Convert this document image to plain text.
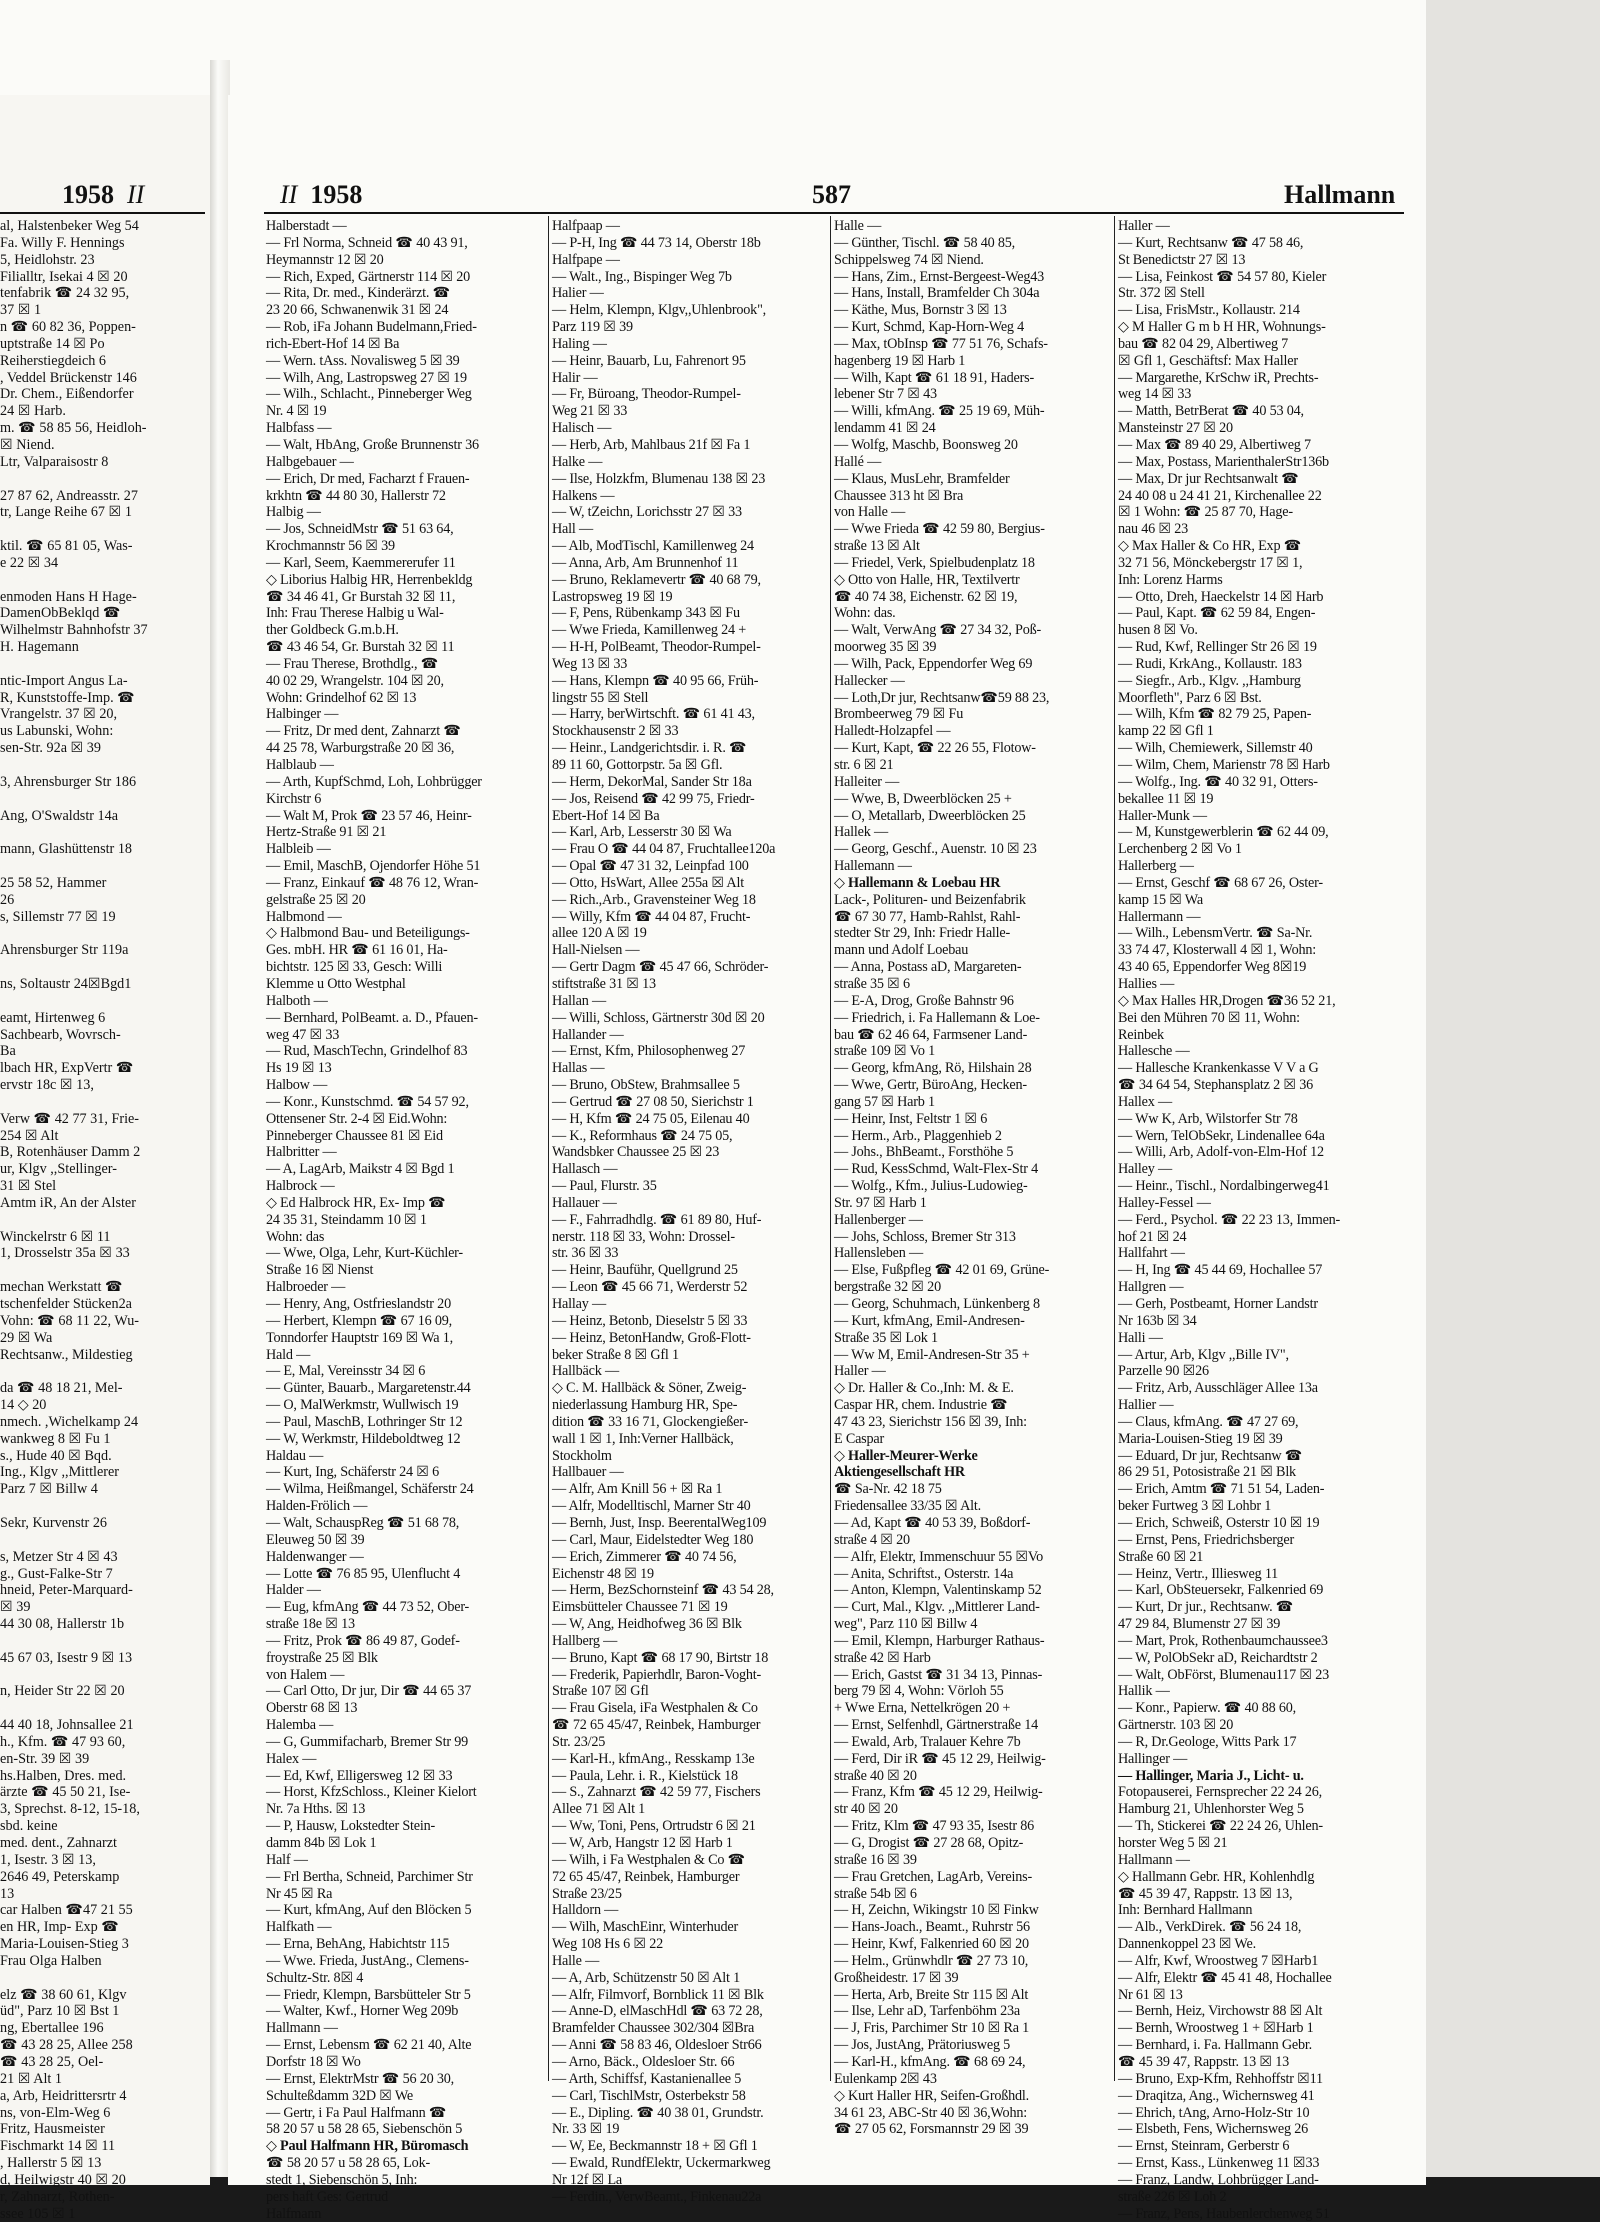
1958 II
al, Halstenbeker Weg 54
Fa. Willy F. Hennings
5, Heidlohstr. 23
Filialltr, Isekai 4 ☒ 20
tenfabrik ☎ 24 32 95,
37 ☒ 1
n ☎ 60 82 36, Poppen-
uptstraße 14 ☒ Po
Reiherstiegdeich 6
, Veddel Brückenstr 146
Dr. Chem., Eißendorfer
24 ☒ Harb.
m. ☎ 58 85 56, Heidloh-
☒ Niend.
Ltr, Valparaisostr 8

27 87 62, Andreasstr. 27
tr, Lange Reihe 67 ☒ 1

ktil. ☎ 65 81 05, Was-
e 22 ☒ 34

enmoden Hans H Hage-
DamenObBeklqd ☎
Wilhelmstr Bahnhofstr 37
H. Hagemann

ntic-Import Angus La-
R, Kunststoffe-Imp. ☎
Vrangelstr. 37 ☒ 20,
us Labunski, Wohn:
sen-Str. 92a ☒ 39

3, Ahrensburger Str 186

Ang, O'Swaldstr 14a

mann, Glashüttenstr 18

25 58 52, Hammer
26
s, Sillemstr 77 ☒ 19

Ahrensburger Str 119a

ns, Soltaustr 24☒Bgd1

eamt, Hirtenweg 6
Sachbearb, Wovrsch-
Ba
lbach HR, ExpVertr ☎
ervstr 18c ☒ 13,

Verw ☎ 42 77 31, Frie-
254 ☒ Alt
B, Rotenhäuser Damm 2
ur, Klgv ,,Stellinger-
31 ☒ Stel
Amtm iR, An der Alster

Winckelrstr 6 ☒ 11
1, Drosselstr 35a ☒ 33

mechan Werkstatt ☎
tschenfelder Stücken2a
Vohn: ☎ 68 11 22, Wu-
29 ☒ Wa
Rechtsanw., Mildestieg

da ☎ 48 18 21, Mel-
14 ◇ 20
nmech. ,Wichelkamp 24
wankweg 8 ☒ Fu 1
s., Hude 40 ☒ Bqd.
Ing., Klgv ,,Mittlerer
Parz 7 ☒ Billw 4

Sekr, Kurvenstr 26

s, Metzer Str 4 ☒ 43
g., Gust-Falke-Str 7
hneid, Peter-Marquard-
☒ 39
44 30 08, Hallerstr 1b

45 67 03, Isestr 9 ☒ 13

n, Heider Str 22 ☒ 20

44 40 18, Johnsallee 21
h., Kfm. ☎ 47 93 60,
en-Str. 39 ☒ 39
hs.Halben, Dres. med.
ärzte ☎ 45 50 21, Ise-
3, Sprechst. 8-12, 15-18,
sbd. keine
med. dent., Zahnarzt
1, Isestr. 3 ☒ 13,
2646 49, Peterskamp
13
car Halben ☎47 21 55
en HR, Imp- Exp ☎
Maria-Louisen-Stieg 3
Frau Olga Halben

elz ☎ 38 60 61, Klgv
üd", Parz 10 ☒ Bst 1
ng, Ebertallee 196
☎ 43 28 25, Allee 258
☎ 43 28 25, Oel-
21 ☒ Alt 1
a, Arb, Heidrittersrtr 4
ns, von-Elm-Weg 6
Fritz, Hausmeister
Fischmarkt 14 ☒ 11
, Hallerstr 5 ☒ 13
d, Heilwigstr 40 ☒ 20
r, Zahnarzt, Rothen-
ssee 105 ☒ 1
II 1958	587	Hallmann
Halberstadt —
— Frl Norma, Schneid ☎ 40 43 91,
Heymannstr 12 ☒ 20
— Rich, Exped, Gärtnerstr 114 ☒ 20
— Rita, Dr. med., Kinderärzt. ☎
23 20 66, Schwanenwik 31 ☒ 24
— Rob, iFa Johann Budelmann,Fried-
rich-Ebert-Hof 14 ☒ Ba
— Wern. tAss. Novalisweg 5 ☒ 39
— Wilh, Ang, Lastropsweg 27 ☒ 19
— Wilh., Schlacht., Pinneberger Weg
Nr. 4 ☒ 19
Halbfass —
— Walt, HbAng, Große Brunnenstr 36
Halbgebauer —
— Erich, Dr med, Facharzt f Frauen-
krkhtn ☎ 44 80 30, Hallerstr 72
Halbig —
— Jos, SchneidMstr ☎ 51 63 64,
Krochmannstr 56 ☒ 39
— Karl, Seem, Kaemmererufer 11
◇ Liborius Halbig HR, Herrenbekldg
☎ 34 46 41, Gr Burstah 32 ☒ 11,
Inh: Frau Therese Halbig u Wal-
ther Goldbeck G.m.b.H.
☎ 43 46 54, Gr. Burstah 32 ☒ 11
— Frau Therese, Brothdlg., ☎
40 02 29, Wrangelstr. 104 ☒ 20,
Wohn: Grindelhof 62 ☒ 13
Halbinger —
— Fritz, Dr med dent, Zahnarzt ☎
44 25 78, Warburgstraße 20 ☒ 36,
Halblaub —
— Arth, KupfSchmd, Loh, Lohbrügger
Kirchstr 6
— Walt M, Prok ☎ 23 57 46, Heinr-
Hertz-Straße 91 ☒ 21
Halbleib —
— Emil, MaschB, Ojendorfer Höhe 51
— Franz, Einkauf ☎ 48 76 12, Wran-
gelstraße 25 ☒ 20
Halbmond —
◇ Halbmond Bau- und Beteiligungs-
Ges. mbH. HR ☎ 61 16 01, Ha-
bichtstr. 125 ☒ 33, Gesch: Willi
Klemme u Otto Westphal
Halboth —
— Bernhard, PolBeamt. a. D., Pfauen-
weg 47 ☒ 33
— Rud, MaschTechn, Grindelhof 83
Hs 19 ☒ 13
Halbow —
— Konr., Kunstschmd. ☎ 54 57 92,
Ottensener Str. 2-4 ☒ Eid.Wohn:
Pinneberger Chaussee 81 ☒ Eid
Halbritter —
— A, LagArb, Maikstr 4 ☒ Bgd 1
Halbrock —
◇ Ed Halbrock HR, Ex- Imp ☎
24 35 31, Steindamm 10 ☒ 1
Wohn: das
— Wwe, Olga, Lehr, Kurt-Küchler-
Straße 16 ☒ Nienst
Halbroeder —
— Henry, Ang, Ostfrieslandstr 20
— Herbert, Klempn ☎ 67 16 09,
Tonndorfer Hauptstr 169 ☒ Wa 1,
Hald —
— E, Mal, Vereinsstr 34 ☒ 6
— Günter, Bauarb., Margaretenstr.44
— O, MalWerkmstr, Wullwisch 19
— Paul, MaschB, Lothringer Str 12
— W, Werkmstr, Hildeboldtweg 12
Haldau —
— Kurt, Ing, Schäferstr 24 ☒ 6
— Wilma, Heißmangel, Schäferstr 24
Halden-Frölich —
— Walt, SchauspReg ☎ 51 68 78,
Eleuweg 50 ☒ 39
Haldenwanger —
— Lotte ☎ 76 85 95, Ulenflucht 4
Halder —
— Eug, kfmAng ☎ 44 73 52, Ober-
straße 18e ☒ 13
— Fritz, Prok ☎ 86 49 87, Godef-
froystraße 25 ☒ Blk
von Halem —
— Carl Otto, Dr jur, Dir ☎ 44 65 37
Oberstr 68 ☒ 13
Halemba —
— G, Gummifacharb, Bremer Str 99
Halex —
— Ed, Kwf, Elligersweg 12 ☒ 33
— Horst, KfzSchloss., Kleiner Kielort
Nr. 7a Hths. ☒ 13
— P, Hausw, Lokstedter Stein-
damm 84b ☒ Lok 1
Half —
— Frl Bertha, Schneid, Parchimer Str
Nr 45 ☒ Ra
— Kurt, kfmAng, Auf den Blöcken 5
Halfkath —
— Erna, BehAng, Habichtstr 115
— Wwe. Frieda, JustAng., Clemens-
Schultz-Str. 8☒ 4
— Friedr, Klempn, Barsbütteler Str 5
— Walter, Kwf., Horner Weg 209b
Hallmann —
— Ernst, Lebensm ☎ 62 21 40, Alte
Dorfstr 18 ☒ Wo
— Ernst, ElektrMstr ☎ 56 20 30,
Schulteßdamm 32D ☒ We
— Gertr, i Fa Paul Halfmann ☎
58 20 57 u 58 28 65, Siebenschön 5
◇ Paul Halfmann HR, Büromasch
☎ 58 20 57 u 58 28 65, Lok-
stedt 1, Siebenschön 5, Inh:
pers haft Ges: Gertrud
Halfmann
Halfpaap —
— P-H, Ing ☎ 44 73 14, Oberstr 18b
Halfpape —
— Walt., Ing., Bispinger Weg 7b
Halier —
— Helm, Klempn, Klgv,,Uhlenbrook",
Parz 119 ☒ 39
Haling —
— Heinr, Bauarb, Lu, Fahrenort 95
Halir —
— Fr, Büroang, Theodor-Rumpel-
Weg 21 ☒ 33
Halisch —
— Herb, Arb, Mahlbaus 21f ☒ Fa 1
Halke —
— Ilse, Holzkfm, Blumenau 138 ☒ 23
Halkens —
— W, tZeichn, Lorichsstr 27 ☒ 33
Hall —
— Alb, ModTischl, Kamillenweg 24
— Anna, Arb, Am Brunnenhof 11
— Bruno, Reklamevertr ☎ 40 68 79,
Lastropsweg 19 ☒ 19
— F, Pens, Rübenkamp 343 ☒ Fu
— Wwe Frieda, Kamillenweg 24 +
— H-H, PolBeamt, Theodor-Rumpel-
Weg 13 ☒ 33
— Hans, Klempn ☎ 40 95 66, Früh-
lingstr 55 ☒ Stell
— Harry, berWirtschft. ☎ 61 41 43,
Stockhausenstr 2 ☒ 33
— Heinr., Landgerichtsdir. i. R. ☎
89 11 60, Gottorpstr. 5a ☒ Gfl.
— Herm, DekorMal, Sander Str 18a
— Jos, Reisend ☎ 42 99 75, Friedr-
Ebert-Hof 14 ☒ Ba
— Karl, Arb, Lesserstr 30 ☒ Wa
— Frau O ☎ 44 04 87, Fruchtallee120a
— Opal ☎ 47 31 32, Leinpfad 100
— Otto, HsWart, Allee 255a ☒ Alt
— Rich.,Arb., Gravensteiner Weg 18
— Willy, Kfm ☎ 44 04 87, Frucht-
allee 120 A ☒ 19
Hall-Nielsen —
— Gertr Dagm ☎ 45 47 66, Schröder-
stiftstraße 31 ☒ 13
Hallan —
— Willi, Schloss, Gärtnerstr 30d ☒ 20
Hallander —
— Ernst, Kfm, Philosophenweg 27
Hallas —
— Bruno, ObStew, Brahmsallee 5
— Gertrud ☎ 27 08 50, Sierichstr 1
— H, Kfm ☎ 24 75 05, Eilenau 40
— K., Reformhaus ☎ 24 75 05,
Wandsbker Chaussee 25 ☒ 23
Hallasch —
— Paul, Flurstr. 35
Hallauer —
— F., Fahrradhdlg. ☎ 61 89 80, Huf-
nerstr. 118 ☒ 33, Wohn: Drossel-
str. 36 ☒ 33
— Heinr, Bauführ, Quellgrund 25
— Leon ☎ 45 66 71, Werderstr 52
Hallay —
— Heinz, Betonb, Dieselstr 5 ☒ 33
— Heinz, BetonHandw, Groß-Flott-
beker Straße 8 ☒ Gfl 1
Hallbäck —
◇ C. M. Hallbäck & Söner, Zweig-
niederlassung Hamburg HR, Spe-
dition ☎ 33 16 71, Glockengießer-
wall 1 ☒ 1, Inh:Verner Hallbäck,
Stockholm
Hallbauer —
— Alfr, Am Knill 56 + ☒ Ra 1
— Alfr, Modelltischl, Marner Str 40
— Bernh, Just, Insp. BeerentalWeg109
— Carl, Maur, Eidelstedter Weg 180
— Erich, Zimmerer ☎ 40 74 56,
Eichenstr 48 ☒ 19
— Herm, BezSchornsteinf ☎ 43 54 28,
Eimsbütteler Chaussee 71 ☒ 19
— W, Ang, Heidhofweg 36 ☒ Blk
Hallberg —
— Bruno, Kapt ☎ 68 17 90, Birtstr 18
— Frederik, Papierhdlr, Baron-Voght-
Straße 107 ☒ Gfl
— Frau Gisela, iFa Westphalen & Co
☎ 72 65 45/47, Reinbek, Hamburger
Str. 23/25
— Karl-H., kfmAng., Resskamp 13e
— Paula, Lehr. i. R., Kielstück 18
— S., Zahnarzt ☎ 42 59 77, Fischers
Allee 71 ☒ Alt 1
— Ww, Toni, Pens, Ortrudstr 6 ☒ 21
— W, Arb, Hangstr 12 ☒ Harb 1
— Wilh, i Fa Westphalen & Co ☎
72 65 45/47, Reinbek, Hamburger
Straße 23/25
Halldorn —
— Wilh, MaschEinr, Winterhuder
Weg 108 Hs 6 ☒ 22
Halle —
— A, Arb, Schützenstr 50 ☒ Alt 1
— Alfr, Filmvorf, Bornblick 11 ☒ Blk
— Anne-D, elMaschHdl ☎ 63 72 28,
Bramfelder Chaussee 302/304 ☒Bra
— Anni ☎ 58 83 46, Oldesloer Str66
— Arno, Bäck., Oldesloer Str. 66
— Arth, Schiffsf, Kastanienallee 5
— Carl, TischlMstr, Osterbekstr 58
— E., Dipling. ☎ 40 38 01, Grundstr.
Nr. 33 ☒ 19
— W, Ee, Beckmannstr 18 + ☒ Gfl 1
— Ewald, RundfElektr, Uckermarkweg
Nr 12f ☒ La
— Ferdin., VerwBeamt., Finkenau22a
Halle —
— Günther, Tischl. ☎ 58 40 85,
Schippelsweg 74 ☒ Niend.
— Hans, Zim., Ernst-Bergeest-Weg43
— Hans, Install, Bramfelder Ch 304a
— Käthe, Mus, Bornstr 3 ☒ 13
— Kurt, Schmd, Kap-Horn-Weg 4
— Max, tObInsp ☎ 77 51 76, Schafs-
hagenberg 19 ☒ Harb 1
— Wilh, Kapt ☎ 61 18 91, Haders-
lebener Str 7 ☒ 43
— Willi, kfmAng. ☎ 25 19 69, Müh-
lendamm 41 ☒ 24
— Wolfg, Maschb, Boonsweg 20
Hallé —
— Klaus, MusLehr, Bramfelder
Chaussee 313 ht ☒ Bra
von Halle —
— Wwe Frieda ☎ 42 59 80, Bergius-
straße 13 ☒ Alt
— Friedel, Verk, Spielbudenplatz 18
◇ Otto von Halle, HR, Textilvertr
☎ 40 74 38, Eichenstr. 62 ☒ 19,
Wohn: das.
— Walt, VerwAng ☎ 27 34 32, Poß-
moorweg 35 ☒ 39
— Wilh, Pack, Eppendorfer Weg 69
Hallecker —
— Loth,Dr jur, Rechtsanw☎59 88 23,
Brombeerweg 79 ☒ Fu
Halledt-Holzapfel —
— Kurt, Kapt, ☎ 22 26 55, Flotow-
str. 6 ☒ 21
Halleiter —
— Wwe, B, Dweerblöcken 25 +
— O, Metallarb, Dweerblöcken 25
Hallek —
— Georg, Geschf., Auenstr. 10 ☒ 23
Hallemann —
◇ Hallemann & Loebau HR
Lack-, Polituren- und Beizenfabrik
☎ 67 30 77, Hamb-Rahlst, Rahl-
stedter Str 29, Inh: Friedr Halle-
mann und Adolf Loebau
— Anna, Postass aD, Margareten-
straße 35 ☒ 6
— E-A, Drog, Große Bahnstr 96
— Friedrich, i. Fa Hallemann & Loe-
bau ☎ 62 46 64, Farmsener Land-
straße 109 ☒ Vo 1
— Georg, kfmAng, Rö, Hilshain 28
— Wwe, Gertr, BüroAng, Hecken-
gang 57 ☒ Harb 1
— Heinr, Inst, Feltstr 1 ☒ 6
— Herm., Arb., Plaggenhieb 2
— Johs., BhBeamt., Forsthöhe 5
— Rud, KessSchmd, Walt-Flex-Str 4
— Wolfg., Kfm., Julius-Ludowieg-
Str. 97 ☒ Harb 1
Hallenberger —
— Johs, Schloss, Bremer Str 313
Hallensleben —
— Else, Fußpfleg ☎ 42 01 69, Grüne-
bergstraße 32 ☒ 20
— Georg, Schuhmach, Lünkenberg 8
— Kurt, kfmAng, Emil-Andresen-
Straße 35 ☒ Lok 1
— Ww M, Emil-Andresen-Str 35 +
Haller —
◇ Dr. Haller & Co.,Inh: M. & E.
Caspar HR, chem. Industrie ☎
47 43 23, Sierichstr 156 ☒ 39, Inh:
E Caspar
◇ Haller-Meurer-Werke
Aktiengesellschaft HR
☎ Sa-Nr. 42 18 75
Friedensallee 33/35 ☒ Alt.
— Ad, Kapt ☎ 40 53 39, Boßdorf-
straße 4 ☒ 20
— Alfr, Elektr, Immenschuur 55 ☒Vo
— Anita, Schriftst., Osterstr. 14a
— Anton, Klempn, Valentinskamp 52
— Curt, Mal., Klgv. ,,Mittlerer Land-
weg", Parz 110 ☒ Billw 4
— Emil, Klempn, Harburger Rathaus-
straße 42 ☒ Harb
— Erich, Gastst ☎ 31 34 13, Pinnas-
berg 79 ☒ 4, Wohn: Vörloh 55
+ Wwe Erna, Nettelkrögen 20 +
— Ernst, Selfenhdl, Gärtnerstraße 14
— Ewald, Arb, Tralauer Kehre 7b
— Ferd, Dir iR ☎ 45 12 29, Heilwig-
straße 40 ☒ 20
— Franz, Kfm ☎ 45 12 29, Heilwig-
str 40 ☒ 20
— Fritz, Klm ☎ 47 93 35, Isestr 86
— G, Drogist ☎ 27 28 68, Opitz-
straße 16 ☒ 39
— Frau Gretchen, LagArb, Vereins-
straße 54b ☒ 6
— H, Zeichn, Wikingstr 10 ☒ Finkw
— Hans-Joach., Beamt., Ruhrstr 56
— Heinr, Kwf, Falkenried 60 ☒ 20
— Helm., Grünwhdlr ☎ 27 73 10,
Großheidestr. 17 ☒ 39
— Herta, Arb, Breite Str 115 ☒ Alt
— Ilse, Lehr aD, Tarfenböhm 23a
— J, Fris, Parchimer Str 10 ☒ Ra 1
— Jos, JustAng, Prätoriusweg 5
— Karl-H., kfmAng. ☎ 68 69 24,
Eulenkamp 2☒ 43
◇ Kurt Haller HR, Seifen-Großhdl.
34 61 23, ABC-Str 40 ☒ 36,Wohn:
☎ 27 05 62, Forsmannstr 29 ☒ 39
Haller —
— Kurt, Rechtsanw ☎ 47 58 46,
St Benedictstr 27 ☒ 13
— Lisa, Feinkost ☎ 54 57 80, Kieler
Str. 372 ☒ Stell
— Lisa, FrisMstr., Kollaustr. 214
◇ M Haller G m b H HR, Wohnungs-
bau ☎ 82 04 29, Albertiweg 7
☒ Gfl 1, Geschäftsf: Max Haller
— Margarethe, KrSchw iR, Prechts-
weg 14 ☒ 33
— Matth, BetrBerat ☎ 40 53 04,
Mansteinstr 27 ☒ 20
— Max ☎ 89 40 29, Albertiweg 7
— Max, Postass, MarienthalerStr136b
— Max, Dr jur Rechtsanwalt ☎
24 40 08 u 24 41 21, Kirchenallee 22
☒ 1 Wohn: ☎ 25 87 70, Hage-
nau 46 ☒ 23
◇ Max Haller & Co HR, Exp ☎
32 71 56, Mönckebergstr 17 ☒ 1,
Inh: Lorenz Harms
— Otto, Dreh, Haeckelstr 14 ☒ Harb
— Paul, Kapt. ☎ 62 59 84, Engen-
husen 8 ☒ Vo.
— Rud, Kwf, Rellinger Str 26 ☒ 19
— Rudi, KrkAng., Kollaustr. 183
— Siegfr., Arb., Klgv. ,,Hamburg
Moorfleth", Parz 6 ☒ Bst.
— Wilh, Kfm ☎ 82 79 25, Papen-
kamp 22 ☒ Gfl 1
— Wilh, Chemiewerk, Sillemstr 40
— Wilm, Chem, Marienstr 78 ☒ Harb
— Wolfg., Ing. ☎ 40 32 91, Otters-
bekallee 11 ☒ 19
Haller-Munk —
— M, Kunstgewerblerin ☎ 62 44 09,
Lerchenberg 2 ☒ Vo 1
Hallerberg —
— Ernst, Geschf ☎ 68 67 26, Oster-
kamp 15 ☒ Wa
Hallermann —
— Wilh., LebensmVertr. ☎ Sa-Nr.
33 74 47, Klosterwall 4 ☒ 1, Wohn:
43 40 65, Eppendorfer Weg 8☒19
Hallies —
◇ Max Halles HR,Drogen ☎36 52 21,
Bei den Mühren 70 ☒ 11, Wohn:
Reinbek
Hallesche —
— Hallesche Krankenkasse V V a G
☎ 34 64 54, Stephansplatz 2 ☒ 36
Hallex —
— Ww K, Arb, Wilstorfer Str 78
— Wern, TelObSekr, Lindenallee 64a
— Willi, Arb, Adolf-von-Elm-Hof 12
Halley —
— Heinr., Tischl., Nordalbingerweg41
Halley-Fessel —
— Ferd., Psychol. ☎ 22 23 13, Immen-
hof 21 ☒ 24
Hallfahrt —
— H, Ing ☎ 45 44 69, Hochallee 57
Hallgren —
— Gerh, Postbeamt, Horner Landstr
Nr 163b ☒ 34
Halli —
— Artur, Arb, Klgv ,,Bille IV",
Parzelle 90 ☒26
— Fritz, Arb, Ausschläger Allee 13a
Hallier —
— Claus, kfmAng. ☎ 47 27 69,
Maria-Louisen-Stieg 19 ☒ 39
— Eduard, Dr jur, Rechtsanw ☎
86 29 51, Potosistraße 21 ☒ Blk
— Erich, Amtm ☎ 71 51 54, Laden-
beker Furtweg 3 ☒ Lohbr 1
— Erich, Schweiß, Osterstr 10 ☒ 19
— Ernst, Pens, Friedrichsberger
Straße 60 ☒ 21
— Heinz, Vertr., Illiesweg 11
— Karl, ObSteuersekr, Falkenried 69
— Kurt, Dr jur., Rechtsanw. ☎
47 29 84, Blumenstr 27 ☒ 39
— Mart, Prok, Rothenbaumchaussee3
— W, PolObSekr aD, Reichardtstr 2
— Walt, ObFörst, Blumenau117 ☒ 23
Hallik —
— Konr., Papierw. ☎ 40 88 60,
Gärtnerstr. 103 ☒ 20
— R, Dr.Geologe, Witts Park 17
Hallinger —
— Hallinger, Maria J., Licht- u.
Fotopauserei, Fernsprecher 22 24 26,
Hamburg 21, Uhlenhorster Weg 5
— Th, Stickerei ☎ 22 24 26, Uhlen-
horster Weg 5 ☒ 21
Hallmann —
◇ Hallmann Gebr. HR, Kohlenhdlg
☎ 45 39 47, Rappstr. 13 ☒ 13,
Inh: Bernhard Hallmann
— Alb., VerkDirek. ☎ 56 24 18,
Dannenkoppel 23 ☒ We.
— Alfr, Kwf, Wroostweg 7 ☒Harb1
— Alfr, Elektr ☎ 45 41 48, Hochallee
Nr 61 ☒ 13
— Bernh, Heiz, Virchowstr 88 ☒ Alt
— Bernh, Wroostweg 1 + ☒Harb 1
— Bernhard, i. Fa. Hallmann Gebr.
☎ 45 39 47, Rappstr. 13 ☒ 13
— Bruno, Exp-Kfm, Rehhoffstr ☒11
— Draqitza, Ang., Wichernsweg 41
— Ehrich, tAng, Arno-Holz-Str 10
— Elsbeth, Fens, Wichernsweg 26
— Ernst, Steinram, Gerberstr 6
— Ernst, Kass., Lünkenweg 11 ☒33
— Franz, Landw, Lohbrügger Land-
straße 226 ☒ Loh 2
— Franz, Pens, Haubenlerchenweg 51
